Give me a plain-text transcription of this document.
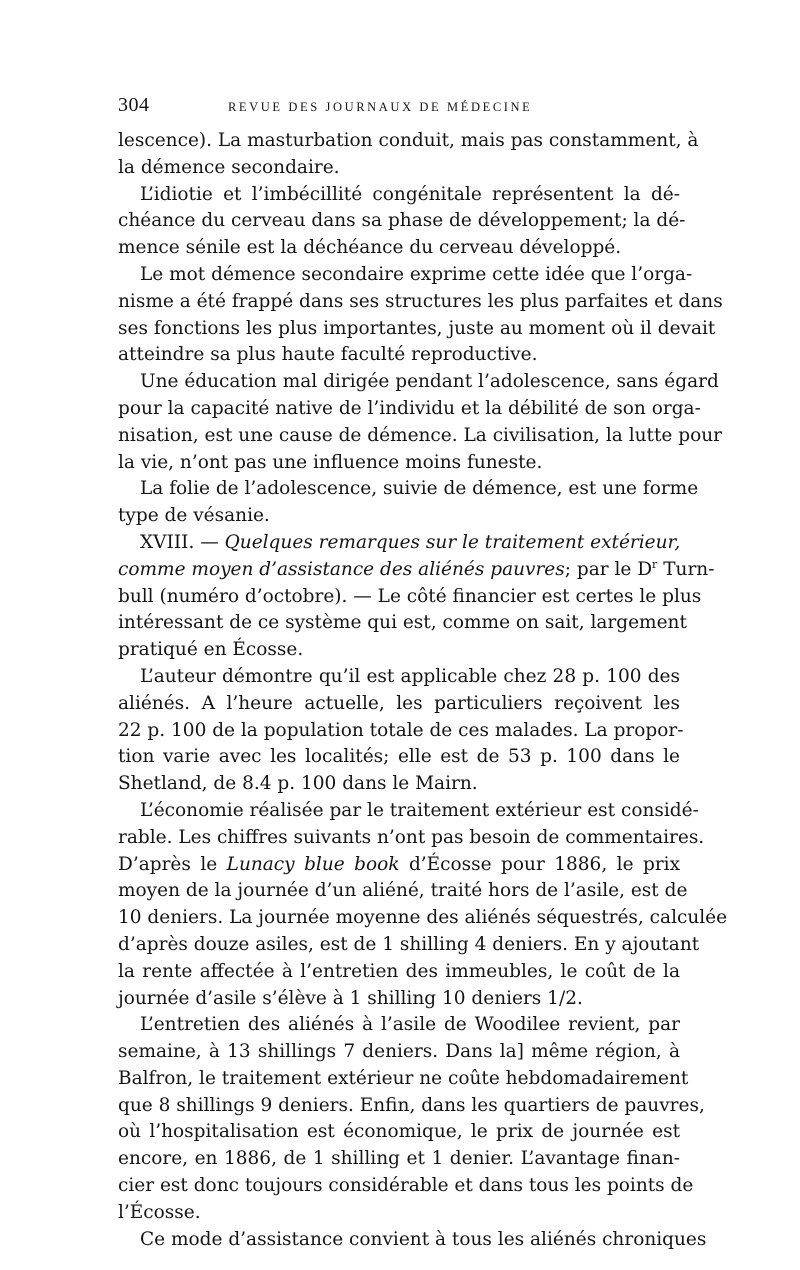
304	REVUE DES JOURNAUX DE MÉDECINE
lescence). La masturbation conduit, mais pas constamment, à
la démence secondaire.
L’idiotie et l’imbécillité congénitale représentent la dé-
chéance du cerveau dans sa phase de développement; la dé-
mence sénile est la déchéance du cerveau développé.
Le mot démence secondaire exprime cette idée que l’orga-
nisme a été frappé dans ses structures les plus parfaites et dans
ses fonctions les plus importantes, juste au moment où il devait
atteindre sa plus haute faculté reproductive.
Une éducation mal dirigée pendant l’adolescence, sans égard
pour la capacité native de l’individu et la débilité de son orga-
nisation, est une cause de démence. La civilisation, la lutte pour
la vie, n’ont pas une influence moins funeste.
La folie de l’adolescence, suivie de démence, est une forme
type de vésanie.
XVIII. — Quelques remarques sur le traitement extérieur,
comme moyen d’assistance des aliénés pauvres; par le $D^r$ Turn-
bull (numéro d’octobre). — Le côté financier est certes le plus
intéressant de ce système qui est, comme on sait, largement
pratiqué en Écosse.
L’auteur démontre qu’il est applicable chez 28 p. 100 des
aliénés. A l’heure actuelle, les particuliers reçoivent les
22 p. 100 de la population totale de ces malades. La propor-
tion varie avec les localités; elle est de 53 p. 100 dans le
Shetland, de 8.4 p. 100 dans le Mairn.
L’économie réalisée par le traitement extérieur est considé-
rable. Les chiffres suivants n’ont pas besoin de commentaires.
D’après le Lunacy blue book d’Écosse pour 1886, le prix
moyen de la journée d’un aliéné, traité hors de l’asile, est de
10 deniers. La journée moyenne des aliénés séquestrés, calculée
d’après douze asiles, est de 1 shilling 4 deniers. En y ajoutant
la rente affectée à l’entretien des immeubles, le coût de la
journée d’asile s’élève à 1 shilling 10 deniers 1/2.
L’entretien des aliénés à l’asile de Woodilee revient, par
semaine, à 13 shillings 7 deniers. Dans la] même région, à
Balfron, le traitement extérieur ne coûte hebdomadairement
que 8 shillings 9 deniers. Enfin, dans les quartiers de pauvres,
où l’hospitalisation est économique, le prix de journée est
encore, en 1886, de 1 shilling et 1 denier. L’avantage finan-
cier est donc toujours considérable et dans tous les points de
l’Écosse.
Ce mode d’assistance convient à tous les aliénés chroniques
